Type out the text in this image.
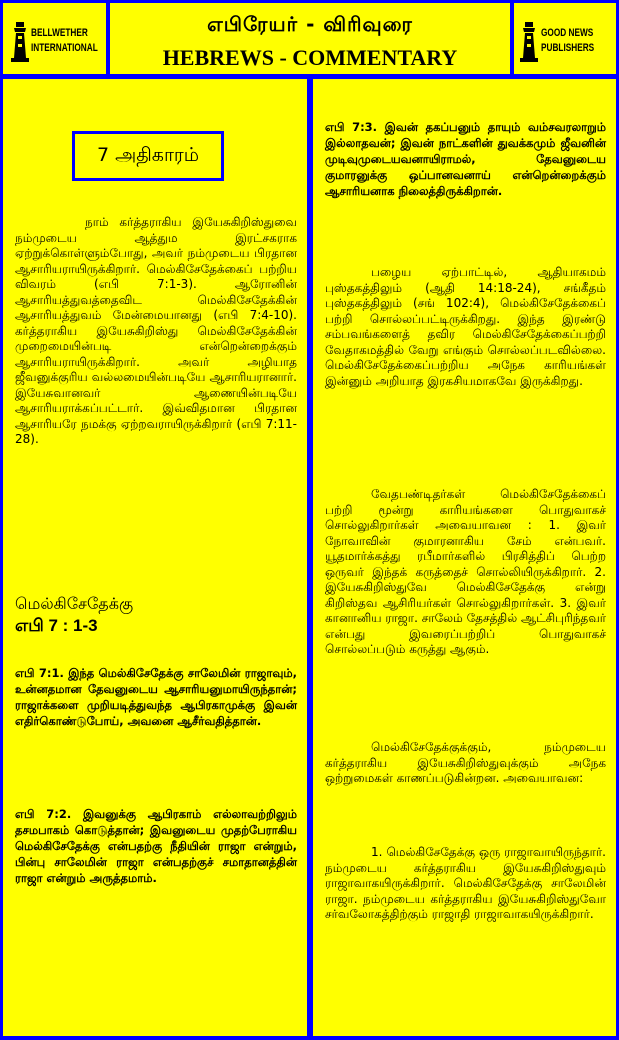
BELLWETHER
INTERNATIONAL
எபிரேயர் - விரிவுரை
HEBREWS - COMMENTARY
GOOD NEWS
PUBLISHERS
7 அதிகாரம்

நாம் கர்த்தராகிய இயேசுகிறிஸ்துவை நம்முடைய ஆத்தும இரட்சகராக ஏற்றுக்கொள்ளும்போது, அவர் நம்முடைய பிரதான ஆசாரியராயிருக்கிறார். மெல்கிசேதேக்கைப் பற்றிய விவரம் (எபி 7:1-3). ஆரோனின் ஆசாரியத்துவத்தைவிட மெல்கிசேதேக்கின் ஆசாரியத்துவம் மேன்மையானது (எபி 7:4-10). கர்த்தராகிய இயேசுகிறிஸ்து மெல்கிசேதேக்கின் முறைமையின்படி என்றென்றைக்கும் ஆசாரியராயிருக்கிறார். அவர் அழியாத ஜீவனுக்குரிய வல்லமையின்படியே ஆசாரியரானார். இயேசுவானவர் ஆணையின்படியே ஆசாரியராக்கப்பட்டார். இவ்விதமான பிரதான ஆசாரியரே நமக்கு ஏற்றவராயிருக்கிறார் (எபி 7:11-28).

மெல்கிசேதேக்கு
எபி 7 : 1-3

எபி 7:1. இந்த மெல்கிசேதேக்கு சாலேமின் ராஜாவும், உன்னதமான தேவனுடைய ஆசாரியனுமாயிருந்தான்; ராஜாக்களை முறியடித்துவந்த ஆபிரகாமுக்கு இவன் எதிர்கொண்டுபோய், அவனை ஆசீர்வதித்தான்.

எபி 7:2. இவனுக்கு ஆபிரகாம் எல்லாவற்றிலும் தசமபாகம் கொடுத்தான்; இவனுடைய முதற்பேராகிய மெல்கிசேதேக்கு என்பதற்கு நீதியின் ராஜா என்றும், பின்பு சாலேமின் ராஜா என்பதற்குச் சமாதானத்தின் ராஜா என்றும் அருத்தமாம்.

எபி 7:3. இவன் தகப்பனும் தாயும் வம்சவரலாறும் இல்லாதவன்; இவன் நாட்களின் துவக்கமும் ஜீவனின் முடிவுமுடையவனாயிராமல், தேவனுடைய குமாரனுக்கு ஒப்பானவனாய் என்றென்றைக்கும் ஆசாரியனாக நிலைத்திருக்கிறான்.

பழைய ஏற்பாட்டில், ஆதியாகமம் புஸ்தகத்திலும் (ஆதி 14:18-24), சங்கீதம் புஸ்தகத்திலும் (சங் 102:4), மெல்கிசேதேக்கைப் பற்றி சொல்லப்பட்டிருக்கிறது. இந்த இரண்டு சம்பவங்களைத் தவிர மெல்கிசேதேக்கைப்பற்றி வேதாகமத்தில் வேறு எங்கும் சொல்லப்படவில்லை. மெல்கிசேதேக்கைப்பற்றிய அநேக காரியங்கள் இன்னும் அறியாத இரகசியமாகவே இருக்கிறது.

வேதபண்டிதர்கள் மெல்கிசேதேக்கைப் பற்றி மூன்று காரியங்களை பொதுவாகச் சொல்லுகிறார்கள் அவையாவன : 1. இவர் நோவாவின் குமாரனாகிய சேம் என்பவர். யூதமார்க்கத்து ரபீமார்களில் பிரசித்திப் பெற்ற ஒருவர் இந்தக் கருத்தைச் சொல்லியிருக்கிறார். 2. இயேசுகிறிஸ்துவே மெல்கிசேதேக்கு என்று கிறிஸ்தவ ஆசிரியர்கள் சொல்லுகிறார்கள். 3. இவர் கானானிய ராஜா. சாலேம் தேசத்தில் ஆட்சிபுரிந்தவர் என்பது இவரைப்பற்றிப் பொதுவாகச் சொல்லப்படும் கருத்து ஆகும்.

மெல்கிசேதேக்குக்கும், நம்முடைய கர்த்தராகிய இயேசுகிறிஸ்துவுக்கும் அநேக ஒற்றுமைகள் காணப்படுகின்றன. அவையாவன:

1. மெல்கிசேதேக்கு ஒரு ராஜாவாயிருந்தார். நம்முடைய கர்த்தராகிய இயேசுகிறிஸ்துவும் ராஜாவாகயிருக்கிறார். மெல்கிசேதேக்கு சாலேமின் ராஜா. நம்முடைய கர்த்தராகிய இயேசுகிறிஸ்துவோ சர்வலோகத்திற்கும் ராஜாதி ராஜாவாகயிருக்கிறார்.
